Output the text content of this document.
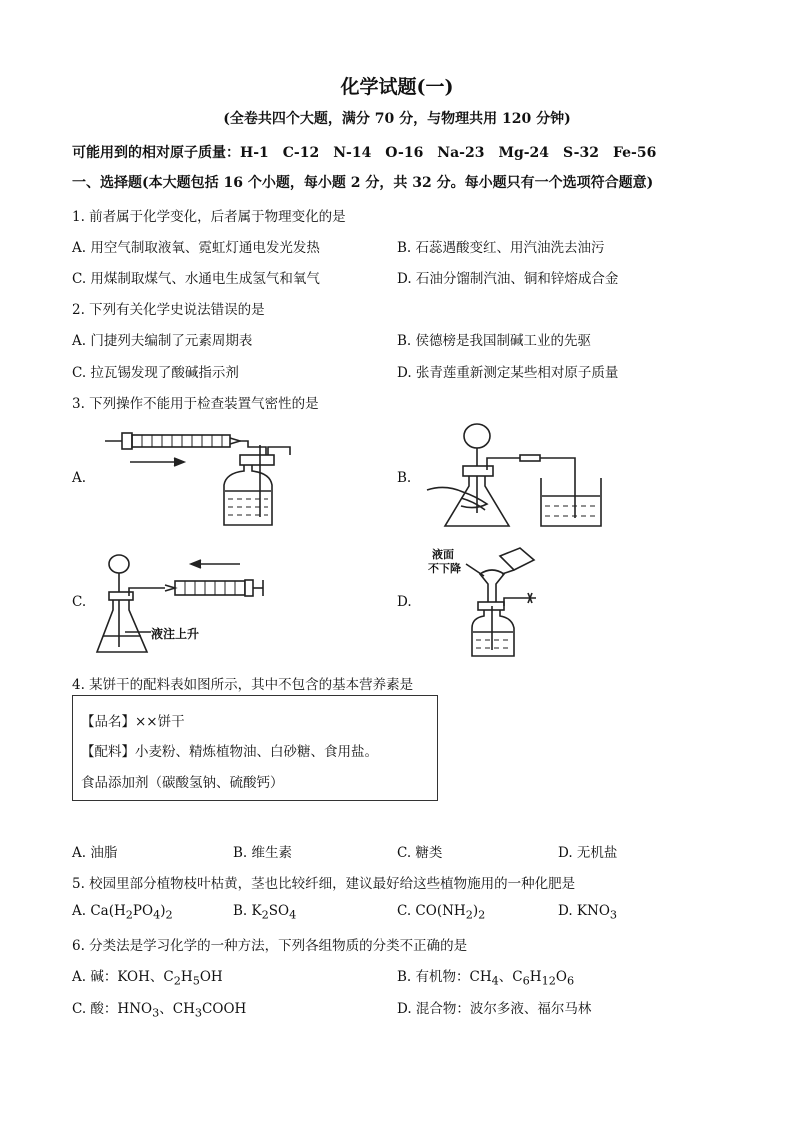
化学试题(一)
(全卷共四个大题，满分 70 分，与物理共用 120 分钟)
可能用到的相对原子质量：H-1　C-12　N-14　O-16　Na-23　Mg-24　S-32　Fe-56
一、选择题(本大题包括 16 个小题，每小题 2 分，共 32 分。每小题只有一个选项符合题意)
1. 前者属于化学变化，后者属于物理变化的是
A. 用空气制取液氧、霓虹灯通电发光发热	B. 石蕊遇酸变红、用汽油洗去油污
C. 用煤制取煤气、水通电生成氢气和氧气	D. 石油分馏制汽油、铜和锌熔成合金
2. 下列有关化学史说法错误的是
A. 门捷列夫编制了元素周期表	B. 侯德榜是我国制碱工业的先驱
C. 拉瓦锡发现了酸碱指示剂	D. 张青莲重新测定某些相对原子质量
3. 下列操作不能用于检查装置气密性的是
A.	B.
C.
液注上升
D.
液面
不下降
4. 某饼干的配料表如图所示，其中不包含的基本营养素是
【品名】××饼干
【配料】小麦粉、精炼植物油、白砂糖、食用盐。
食品添加剂（碳酸氢钠、硫酸钙）
A. 油脂	B. 维生素	C. 糖类	D. 无机盐
5. 校园里部分植物枝叶枯黄，茎也比较纤细，建议最好给这些植物施用的一种化肥是
A. $Ca(H_2PO_4)_2$	B. $K_2SO_4$	C. $CO(NH_2)_2$	D. $KNO_3$
6. 分类法是学习化学的一种方法，下列各组物质的分类不正确的是
A. 碱：KOH、$C_2H_5OH$	B. 有机物：$CH_4$、$C_6H_{12}O_6$
C. 酸：$HNO_3$、$CH_3COOH$	D. 混合物：波尔多液、福尔马林
